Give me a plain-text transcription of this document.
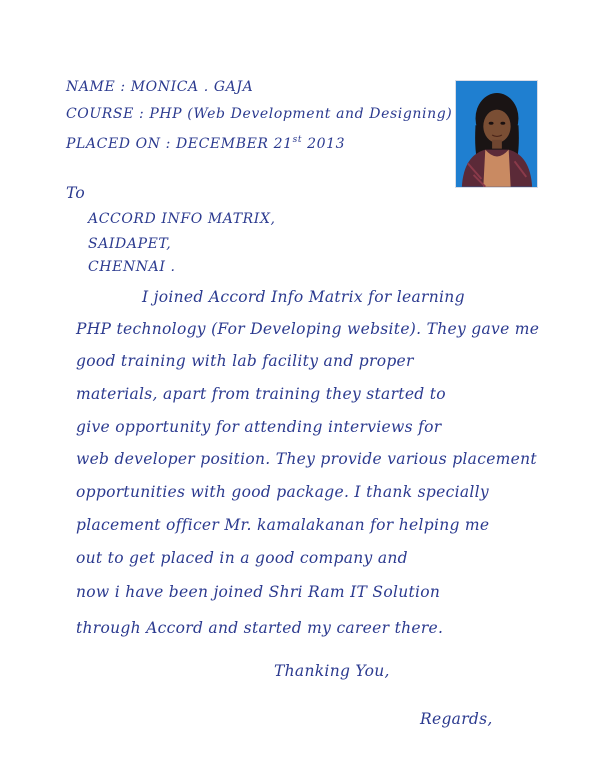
NAME : MONICA . GAJA

COURSE : PHP (Web Development and Designing)

PLACED ON : DECEMBER 21st 2013

To

ACCORD INFO MATRIX,

SAIDAPET,

CHENNAI .

I joined Accord Info Matrix for learning

PHP technology (For Developing website). They gave me

good training with lab facility and proper

materials, apart from training they started to

give opportunity for attending interviews for

web developer position. They provide various placement

opportunities with good package. I thank specially

placement officer Mr. kamalakanan for helping me

out to get placed in a good company and

now i have been joined Shri Ram IT Solution

through Accord and started my career there.

Thanking You,

Regards,
